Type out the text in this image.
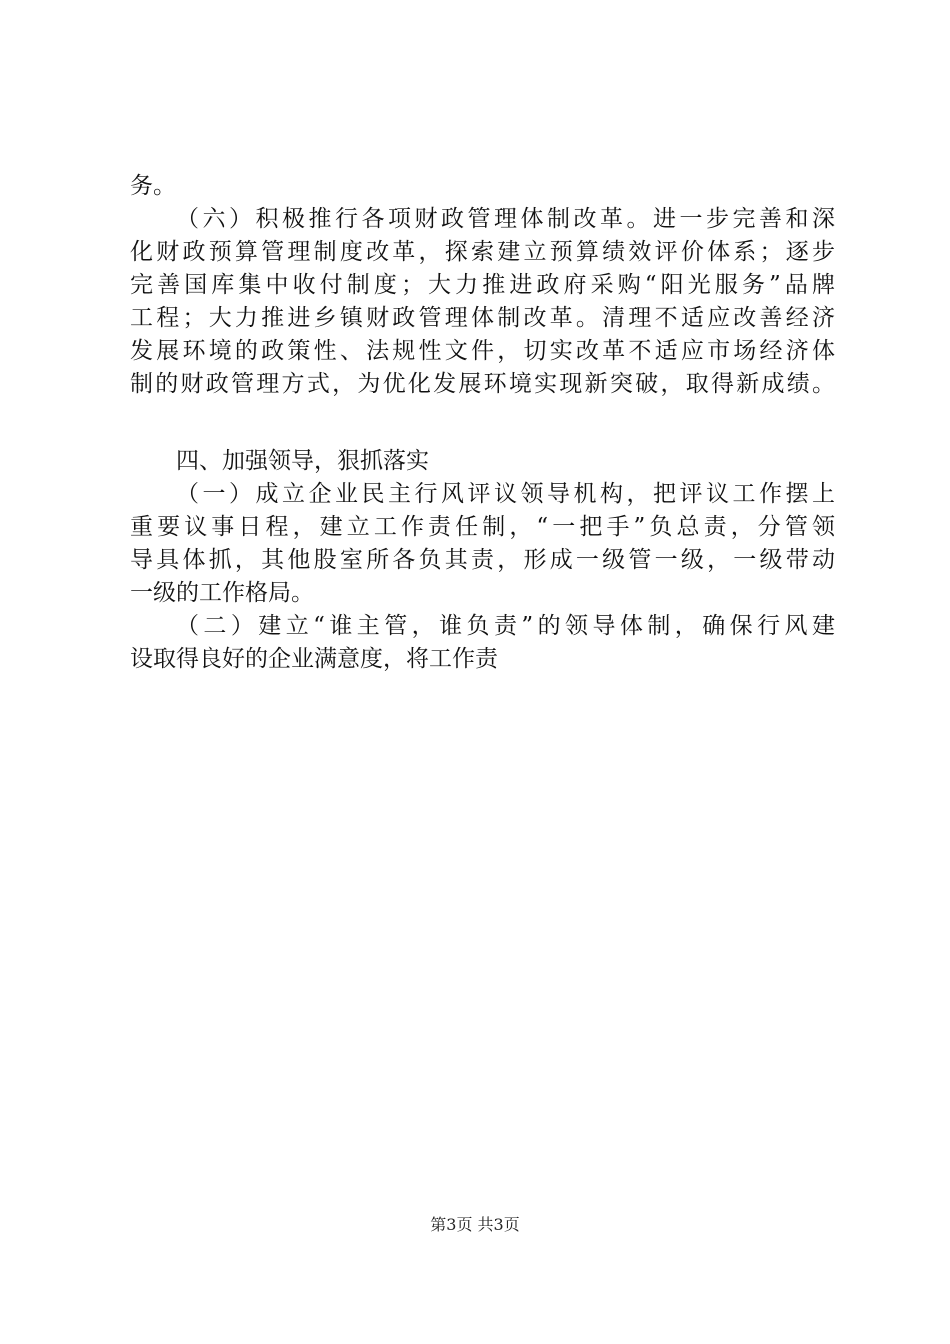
务。
（六）积极推行各项财政管理体制改革。进一步完善和深
化财政预算管理制度改革，探索建立预算绩效评价体系；逐步
完善国库集中收付制度；大力推进政府采购“阳光服务”品牌
工程；大力推进乡镇财政管理体制改革。清理不适应改善经济
发展环境的政策性、法规性文件，切实改革不适应市场经济体
制的财政管理方式，为优化发展环境实现新突破，取得新成绩。
四、加强领导，狠抓落实
（一）成立企业民主行风评议领导机构，把评议工作摆上
重要议事日程，建立工作责任制，“一把手”负总责，分管领
导具体抓，其他股室所各负其责，形成一级管一级，一级带动
一级的工作格局。
（二）建立“谁主管，谁负责”的领导体制，确保行风建
设取得良好的企业满意度，将工作责
第3页 共3页
